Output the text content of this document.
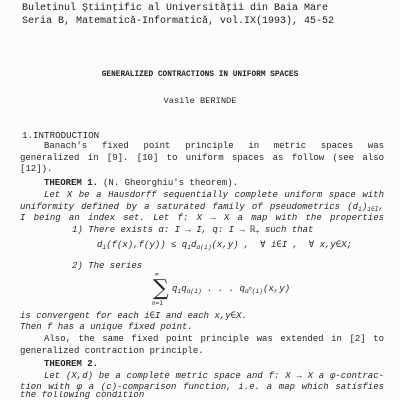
Buletinul Ştiinţific al Universităţii din Baia Mare
Seria B, Matematică-Informatică, vol.IX(1993), 45-52
GENERALIZED CONTRACTIONS IN UNIFORM SPACES
Vasile BERINDE
1.INTRODUCTION
Banach's fixed point principle in metric spaces was
generalized in [9]. [10] to uniform spaces as follow (see also
[12]).
THEOREM 1. (N. Gheorghiu's theorem).
Let X be a Hausdorff sequentially complete uniform space with
uniformity defined by a saturated family of pseudometrics $(d_i)_{i\in I}$,
I being an index set. Let f: X → X a map with the properties
1) There exists α: I → I, q: I → ℝ$_+$ such that
$d_i(f(x),f(y)) \le q_id_{\alpha(i)}(x,y)$ ,  ∀ i∈I ,  ∀ x,y∈X;
2) The series
∞
∑
n=1
$q_iq_{\alpha(i)}$ . . . $q_{\alpha^n(i)}(x,y)$
is convergent for each i∈I and each x,y∈X.
Then f has a unique fixed point.
Also, the same fixed point principle was extended in [2] to
generalized contraction principle.
THEOREM 2.
Let (X,d) be a complete metric space and f: X → X a φ-contrac-
tion with φ a (c)-comparison function, i.e. a map which satisfies
the following condition
